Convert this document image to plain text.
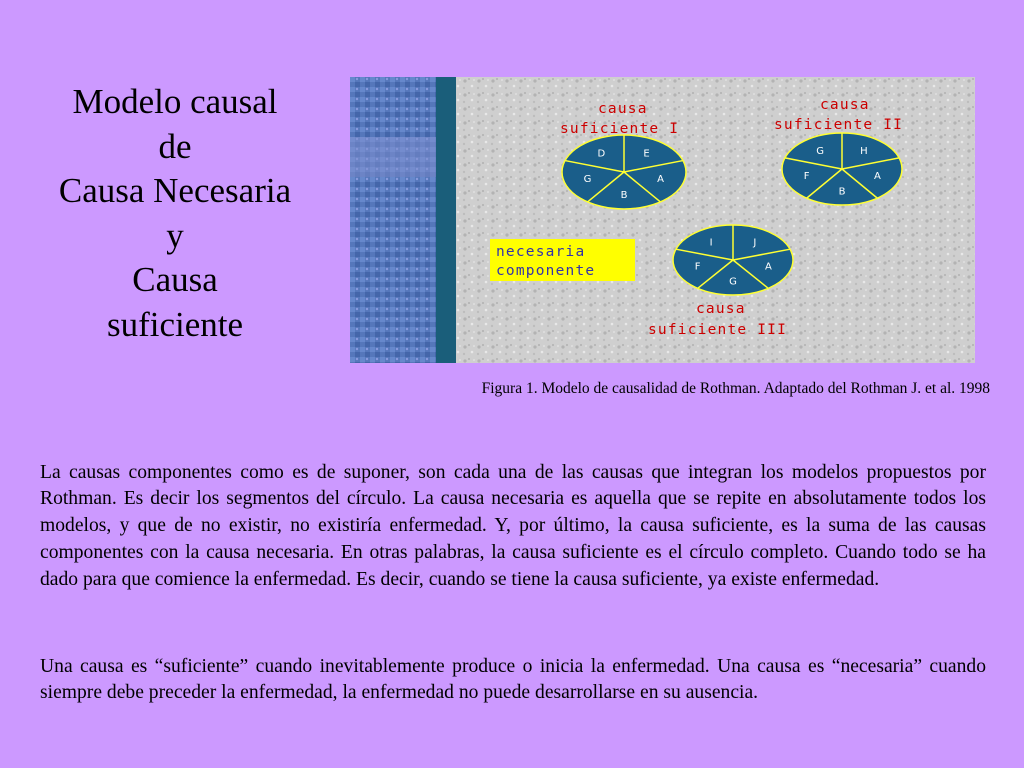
Modelo causal
de
Causa Necesaria
y
Causa
suficiente
E
A
B
G
D	H
A
B
F
G
J
A
G
F
I
causa
suficiente I
causa
suficiente II
causa
suficiente III
necesaria
componente
Figura 1. Modelo de causalidad de Rothman. Adaptado del Rothman J. et al. 1998

La causas componentes como es de suponer, son cada una de las causas que integran los modelos propuestos por Rothman. Es decir los segmentos del círculo. La causa necesaria es aquella que se repite en absolutamente todos los modelos, y que de no existir, no existiría enfermedad. Y, por último, la causa suficiente, es la suma de las causas componentes con la causa necesaria. En otras palabras, la causa suficiente es el círculo completo. Cuando todo se ha dado para que comience la enfermedad. Es decir, cuando se tiene la causa suficiente, ya existe enfermedad.

Una causa es “suficiente” cuando inevitablemente produce o inicia la enfermedad. Una causa es “necesaria” cuando siempre debe preceder la enfermedad, la enfermedad no puede desarrollarse en su ausencia.
